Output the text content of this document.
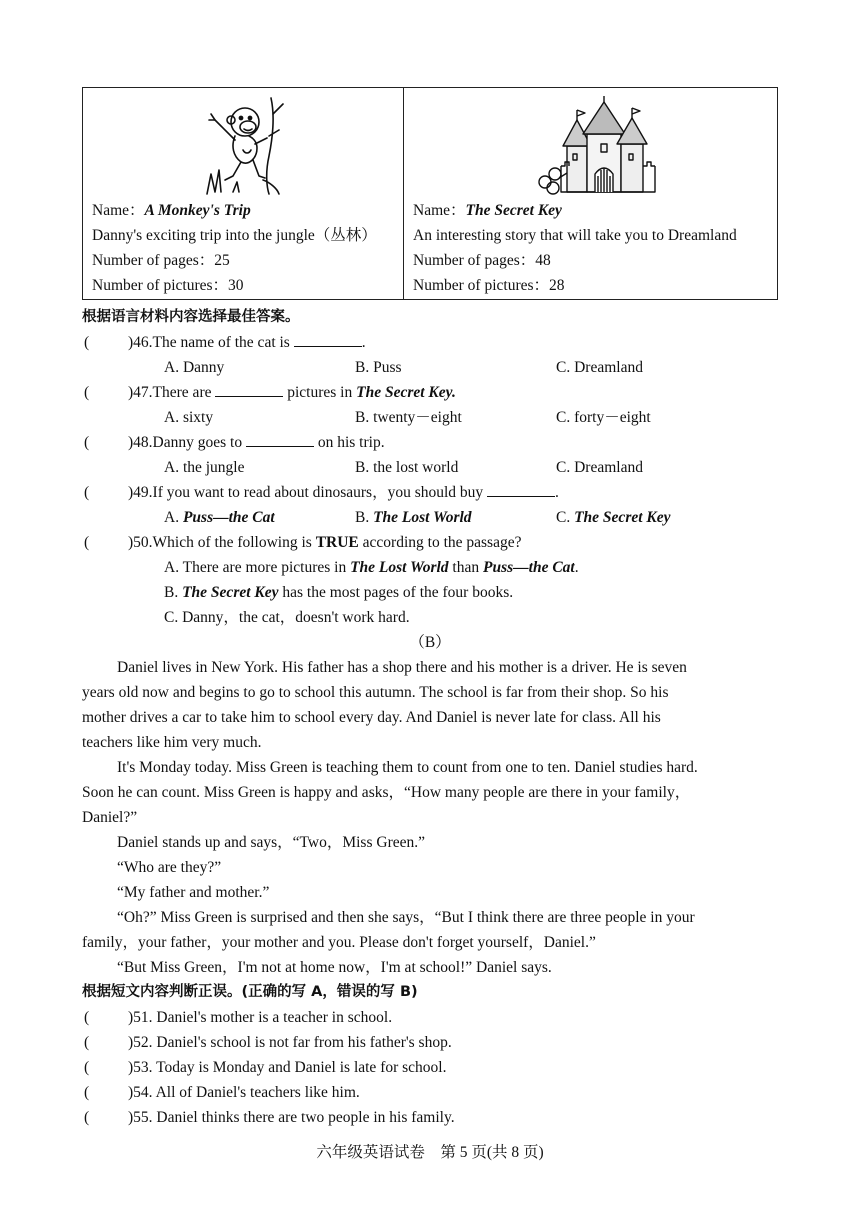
Name：A Monkey's Trip
Danny's exciting trip into the jungle（丛林）
Number of pages：25
Number of pictures：30
Name：The Secret Key
An interesting story that will take you to Dreamland
Number of pages：48
Number of pictures：28
根据语言材料内容选择最佳答案。
(	)46.The name of the cat is	.
A. Danny	B. Puss	C. Dreamland
(	)47.There are	pictures in The Secret Key.
A. sixty	B. twenty－eight	C. forty－eight
(	)48.Danny goes to	on his trip.
A. the jungle	B. the lost world	C. Dreamland
(	)49.If you want to read about dinosaurs，you should buy	.
A. Puss—the Cat	B. The Lost World	C. The Secret Key
(	)50.Which of the following is TRUE according to the passage?
A. There are more pictures in The Lost World than Puss—the Cat.
B. The Secret Key has the most pages of the four books.
C. Danny，the cat，doesn't work hard.
（B）
Daniel lives in New York. His father has a shop there and his mother is a driver. He is seven
years old now and begins to go to school this autumn. The school is far from their shop. So his
mother drives a car to take him to school every day. And Daniel is never late for class. All his
teachers like him very much.
It's Monday today. Miss Green is teaching them to count from one to ten. Daniel studies hard.
Soon he can count. Miss Green is happy and asks，“How many people are there in your family，
Daniel?”
Daniel stands up and says，“Two，Miss Green.”
“Who are they?”
“My father and mother.”
“Oh?” Miss Green is surprised and then she says，“But I think there are three people in your
family，your father，your mother and you. Please don't forget yourself，Daniel.”
“But Miss Green，I'm not at home now，I'm at school!” Daniel says.
根据短文内容判断正误。(正确的写 A，错误的写 B)
(	)51. Daniel's mother is a teacher in school.
(	)52. Daniel's school is not far from his father's shop.
(	)53. Today is Monday and Daniel is late for school.
(	)54. All of Daniel's teachers like him.
(	)55. Daniel thinks there are two people in his family.
六年级英语试卷　第 5 页(共 8 页)
